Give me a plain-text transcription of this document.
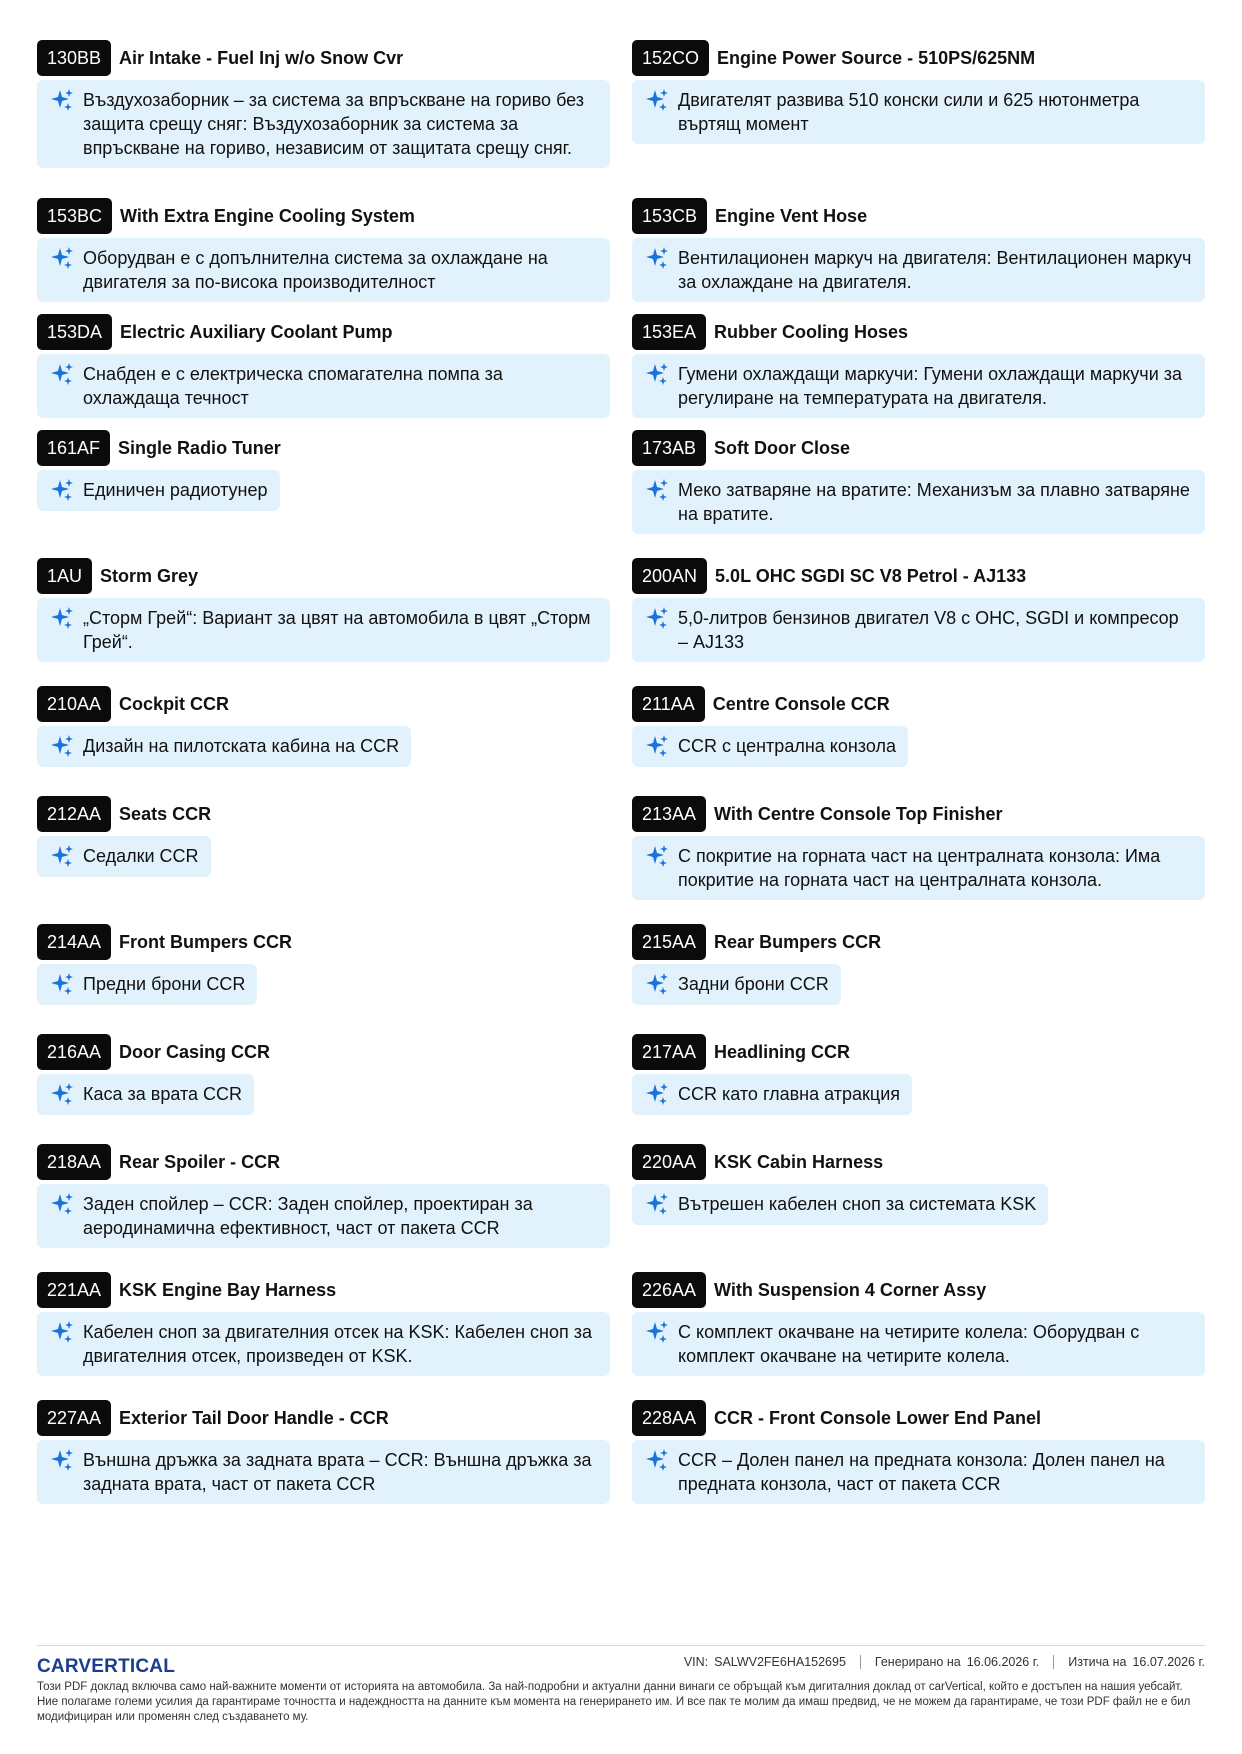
130BB	Air Intake - Fuel Inj w/o Snow Cvr
Въздухозаборник – за система за впръскване на гориво без защита срещу сняг: Въздухозаборник за система за впръскване на гориво, независим от защитата срещу сняг.
152CO	Engine Power Source - 510PS/625NM
Двигателят развива 510 конски сили и 625 нютонметра въртящ момент
153BC	With Extra Engine Cooling System
Оборудван е с допълнителна система за охлаждане на двигателя за по-висока производителност
153CB	Engine Vent Hose
Вентилационен маркуч на двигателя: Вентилационен маркуч за охлаждане на двигателя.
153DA	Electric Auxiliary Coolant Pump
Снабден е с електрическа спомагателна помпа за охлаждаща течност
153EA	Rubber Cooling Hoses
Гумени охлаждащи маркучи: Гумени охлаждащи маркучи за регулиране на температурата на двигателя.
161AF	Single Radio Tuner
Единичен радиотунер
173AB	Soft Door Close
Меко затваряне на вратите: Механизъм за плавно затваряне на вратите.
1AU	Storm Grey
„Сторм Грей“: Вариант за цвят на автомобила в цвят „Сторм Грей“.
200AN	5.0L OHC SGDI SC V8 Petrol - AJ133
5,0-литров бензинов двигател V8 с OHC, SGDI и компресор – AJ133
210AA	Cockpit CCR
Дизайн на пилотската кабина на CCR
211AA	Centre Console CCR
CCR с централна конзола
212AA	Seats CCR
Седалки CCR
213AA	With Centre Console Top Finisher
С покритие на горната част на централната конзола: Има покритие на горната част на централната конзола.
214AA	Front Bumpers CCR
Предни брони CCR
215AA	Rear Bumpers CCR
Задни брони CCR
216AA	Door Casing CCR
Каса за врата CCR
217AA	Headlining CCR
CCR като главна атракция
218AA	Rear Spoiler - CCR
Заден спойлер – CCR: Заден спойлер, проектиран за аеродинамична ефективност, част от пакета CCR
220AA	KSK Cabin Harness
Вътрешен кабелен сноп за системата KSK
221AA	KSK Engine Bay Harness
Кабелен сноп за двигателния отсек на KSK: Кабелен сноп за двигателния отсек, произведен от KSK.
226AA	With Suspension 4 Corner Assy
С комплект окачване на четирите колела: Оборудван с комплект окачване на четирите колела.
227AA	Exterior Tail Door Handle - CCR
Външна дръжка за задната врата – CCR: Външна дръжка за задната врата, част от пакета CCR
228AA	CCR - Front Console Lower End Panel
CCR – Долен панел на предната конзола: Долен панел на предната конзола, част от пакета CCR
CARVERTICAL	VIN: SALWV2FE6HA152695 Генерирано на 16.06.2026 г. Изтича на 16.07.2026 г.
Този PDF доклад включва само най-важните моменти от историята на автомобила. За най-подробни и актуални данни винаги се обръщай към дигиталния доклад от carVertical, който е достъпен на нашия уебсайт. Ние полагаме големи усилия да гарантираме точността и надеждността на данните към момента на генерирането им. И все пак те молим да имаш предвид, че не можем да гарантираме, че този PDF файл не е бил модифициран или променян след създаването му.
